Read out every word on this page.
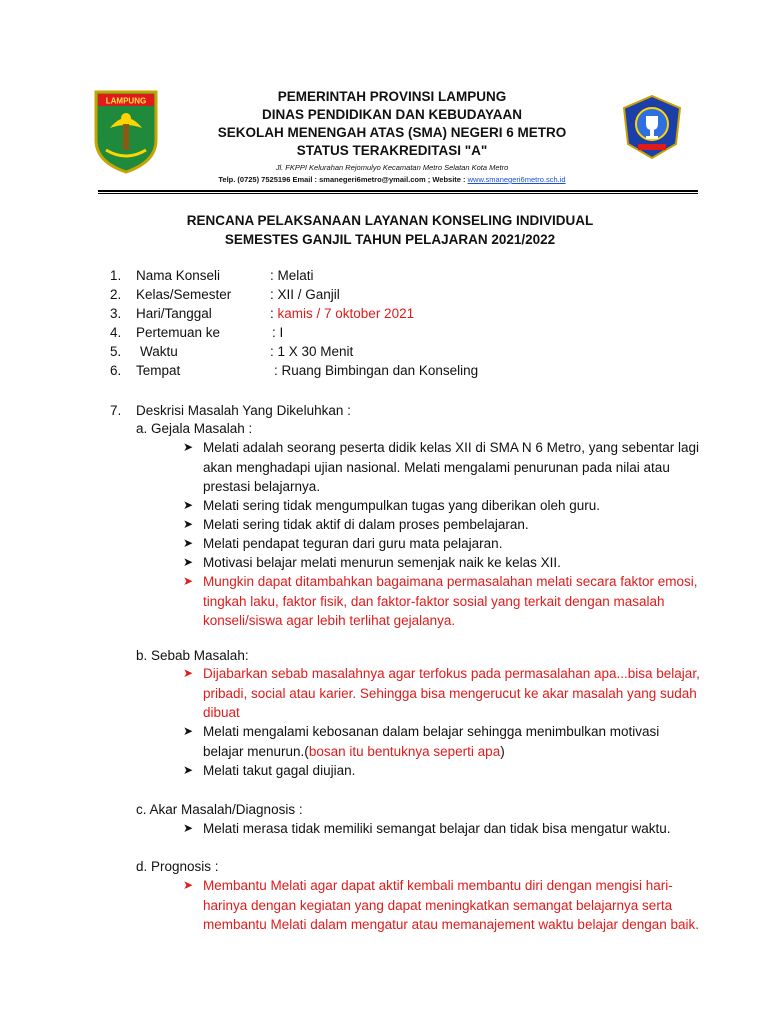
LAMPUNG	PEMERINTAH PROVINSI LAMPUNG
DINAS PENDIDIKAN DAN KEBUDAYAAN
SEKOLAH MENENGAH ATAS (SMA) NEGERI 6 METRO
STATUS TERAKREDITASI "A"
Jl. FKPPI Kelurahan Rejomulyo Kecamatan Metro Selatan Kota Metro
Telp. (0725) 7525196 Email : smanegeri6metro@ymail.com ; Website : www.smanegeri6metro.sch.id
RENCANA PELAKSANAAN LAYANAN KONSELING INDIVIDUAL
SEMESTES GANJIL TAHUN PELAJARAN 2021/2022
1.	Nama Konseli	: Melati
2.	Kelas/Semester	: XII / Ganjil
3.	Hari/Tanggal	: kamis / 7 oktober 2021
4.	Pertemuan ke	: I
5.	Waktu	: 1 X 30 Menit
6.	Tempat	: Ruang Bimbingan dan Konseling
7. Deskrisi Masalah Yang Dikeluhkan :
a. Gejala Masalah :
➤ Melati adalah seorang peserta didik kelas XII di SMA N 6 Metro, yang sebentar lagi akan menghadapi ujian nasional. Melati mengalami penurunan pada nilai atau prestasi belajarnya.
➤ Melati sering tidak mengumpulkan tugas yang diberikan oleh guru.
➤ Melati sering tidak aktif di dalam proses pembelajaran.
➤ Melati pendapat teguran dari guru mata pelajaran.
➤ Motivasi belajar melati menurun semenjak naik ke kelas XII.
➤ Mungkin dapat ditambahkan bagaimana permasalahan melati secara faktor emosi, tingkah laku, faktor fisik, dan faktor-faktor sosial yang terkait dengan masalah konseli/siswa agar lebih terlihat gejalanya.
b. Sebab Masalah:
➤ Dijabarkan sebab masalahnya agar terfokus pada permasalahan apa...bisa belajar, pribadi, social atau karier. Sehingga bisa mengerucut ke akar masalah yang sudah dibuat
➤ Melati mengalami kebosanan dalam belajar sehingga menimbulkan motivasi belajar menurun.(bosan itu bentuknya seperti apa)
➤ Melati takut gagal diujian.
c. Akar Masalah/Diagnosis :
➤ Melati merasa tidak memiliki semangat belajar dan tidak bisa mengatur waktu.
d. Prognosis :
➤ Membantu Melati agar dapat aktif kembali membantu diri dengan mengisi hari-harinya dengan kegiatan yang dapat meningkatkan semangat belajarnya serta membantu Melati dalam mengatur atau memanajement waktu belajar dengan baik.
